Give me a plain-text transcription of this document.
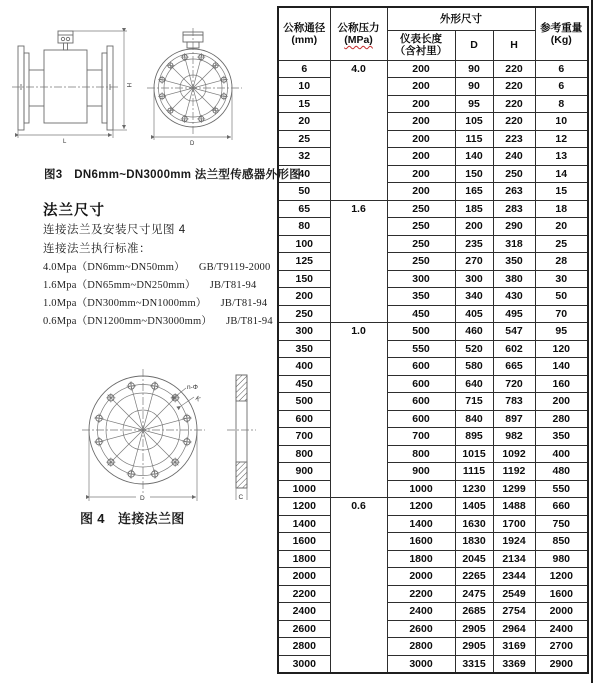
H
L	D
图3　DN6mm~DN3000mm 法兰型传感器外形图
法兰尺寸
连接法兰及安装尺寸见图 4
连接法兰执行标准：
4.0Mpa（DN6mm~DN50mm） GB/T9119-2000
1.6Mpa（DN65mm~DN250mm） JB/T81-94
1.0Mpa（DN300mm~DN1000mm） JB/T81-94
0.6Mpa（DN1200mm~DN3000mm） JB/T81-94
n-Φ
K
D	C
图 4　连接法兰图
公称通径
(mm)	公称压力
(MPa)	外形尺寸			参考重量
(Kg)

		仪表长度
（含衬里）	D	H	
6	4.0	200	90	220	6
10		200	90	220	6
15		200	95	220	8
20		200	105	220	10
25		200	115	223	12
32		200	140	240	13
40		200	150	250	14
50		200	165	263	15
65	1.6	250	185	283	18
80		250	200	290	20
100		250	235	318	25
125		250	270	350	28
150		300	300	380	30
200		350	340	430	50
250		450	405	495	70
300	1.0	500	460	547	95
350		550	520	602	120
400		600	580	665	140
450		600	640	720	160
500		600	715	783	200
600		600	840	897	280
700		700	895	982	350
800		800	1015	1092	400
900		900	1115	1192	480
1000		1000	1230	1299	550
1200	0.6	1200	1405	1488	660
1400		1400	1630	1700	750
1600		1600	1830	1924	850
1800		1800	2045	2134	980
2000		2000	2265	2344	1200
2200		2200	2475	2549	1600
2400		2400	2685	2754	2000
2600		2600	2905	2964	2400
2800		2800	2905	3169	2700
3000		3000	3315	3369	2900
